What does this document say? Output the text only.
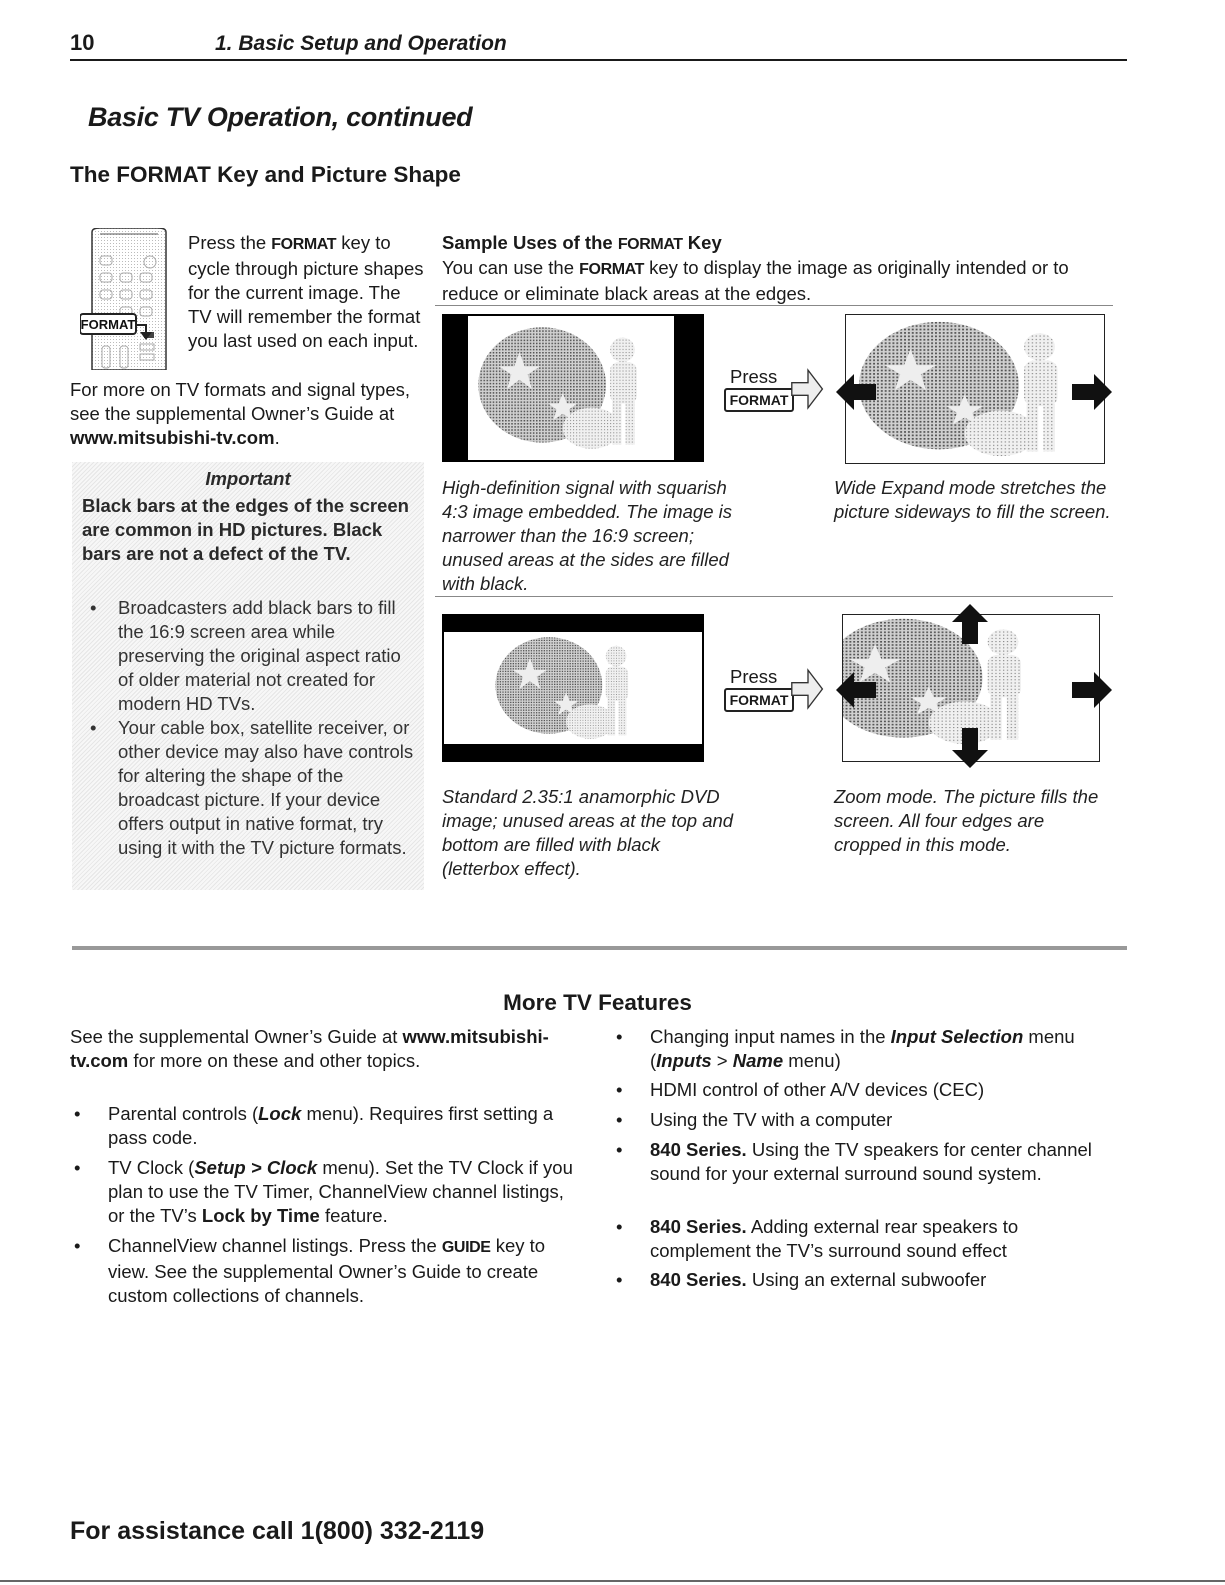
10	1. Basic Setup and Operation
Basic TV Operation, continued
The FORMAT Key and Picture Shape
FORMAT
Press the FORMAT key to cycle through picture shapes for the current image. The TV will remember the format you last used on each input.
For more on TV formats and signal types, see the supplemental Owner’s Guide at www.mitsubishi-tv.com.
Important
Black bars at the edges of the screen are common in HD pictures. Black bars are not a defect of the TV.
• Broadcasters add black bars to fill the 16:9 screen area while preserving the original aspect ratio of older material not created for modern HD TVs.
• Your cable box, satellite receiver, or other device may also have controls for altering the shape of the broadcast picture. If your device offers output in native format, try using it with the TV picture formats.
Sample Uses of the FORMAT Key
You can use the FORMAT key to display the image as originally intended or to reduce or eliminate black areas at the edges.
Press
FORMAT
High-definition signal with squarish 4:3 image embedded. The image is narrower than the 16:9 screen; unused areas at the sides are filled with black.
Wide Expand mode stretches the picture sideways to fill the screen.
Press
FORMAT
Standard 2.35:1 anamorphic DVD image; unused areas at the top and bottom are filled with black (letterbox effect).
Zoom mode. The picture fills the screen. All four edges are cropped in this mode.
More TV Features
See the supplemental Owner’s Guide at www.mitsubishi-tv.com for more on these and other topics.
• Parental controls (Lock menu). Requires first setting a pass code.
• TV Clock (Setup > Clock menu). Set the TV Clock if you plan to use the TV Timer, ChannelView channel listings, or the TV’s Lock by Time feature.
• ChannelView channel listings. Press the GUIDE key to view. See the supplemental Owner’s Guide to create custom collections of channels.
• Changing input names in the Input Selection menu (Inputs > Name menu)
• HDMI control of other A/V devices (CEC)
• Using the TV with a computer
• 840 Series. Using the TV speakers for center channel sound for your external surround sound system.
• 840 Series. Adding external rear speakers to complement the TV’s surround sound effect
• 840 Series. Using an external subwoofer
For assistance call 1(800) 332-2119
